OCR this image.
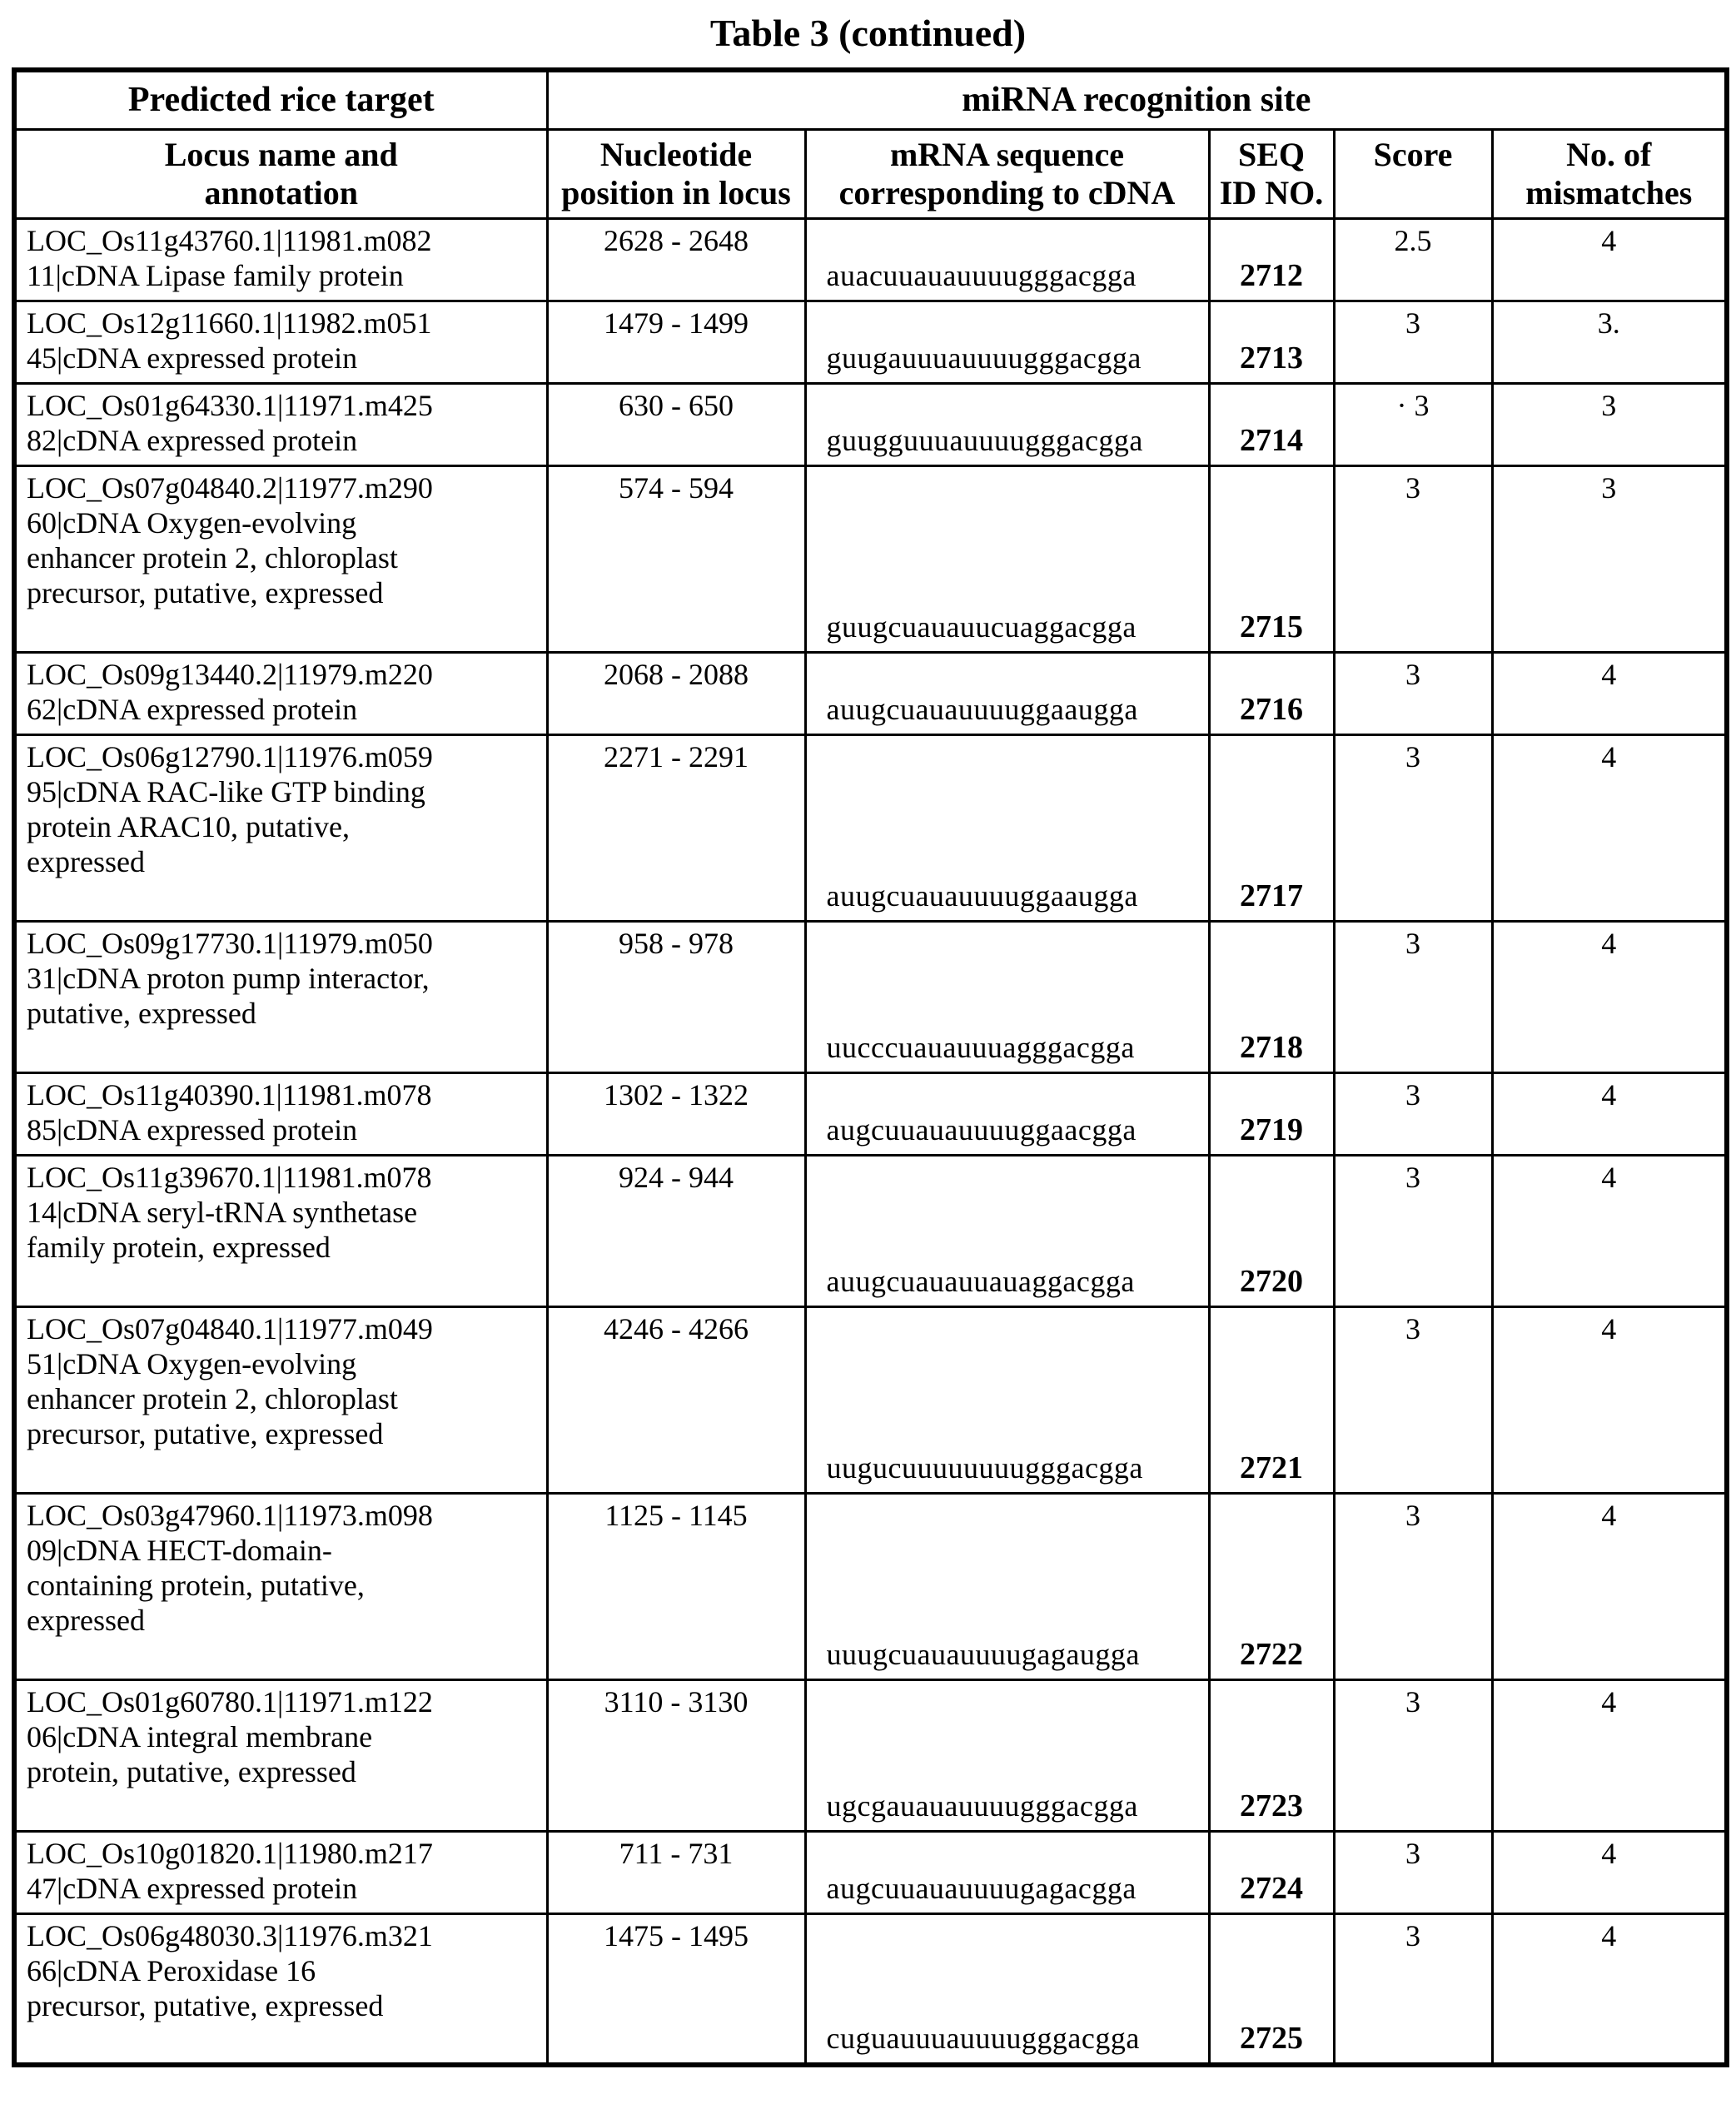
Table 3 (continued)
Predicted rice target	miRNA recognition site				
Locus name and annotation	Nucleotide position in locus	mRNA sequence corresponding to cDNA	SEQ ID NO.	Score	No. of mismatches

LOC_Os11g43760.1|11981.m082
11|cDNA Lipase family protein	2628 - 2648	auacuuauauuuugggacgga	2712	2.5	4

LOC_Os12g11660.1|11982.m051
45|cDNA expressed protein	1479 - 1499	guugauuuauuuugggacgga	2713	3	3.

LOC_Os01g64330.1|11971.m425
82|cDNA expressed protein	630 - 650	guugguuuauuuugggacgga	2714	· 3	3

LOC_Os07g04840.2|11977.m290
60|cDNA Oxygen-evolving
enhancer protein 2, chloroplast
precursor, putative, expressed	574 - 594	guugcuauauucuaggacgga	2715	3	3

LOC_Os09g13440.2|11979.m220
62|cDNA expressed protein	2068 - 2088	auugcuauauuuuggaaugga	2716	3	4

LOC_Os06g12790.1|11976.m059
95|cDNA RAC-like GTP binding
protein ARAC10, putative,
expressed	2271 - 2291	auugcuauauuuuggaaugga	2717	3	4

LOC_Os09g17730.1|11979.m050
31|cDNA proton pump interactor,
putative, expressed	958 - 978	uucccuauauuuagggacgga	2718	3	4

LOC_Os11g40390.1|11981.m078
85|cDNA expressed protein	1302 - 1322	augcuuauauuuuggaacgga	2719	3	4

LOC_Os11g39670.1|11981.m078
14|cDNA seryl-tRNA synthetase
family protein, expressed	924 - 944	auugcuauauuauaggacgga	2720	3	4

LOC_Os07g04840.1|11977.m049
51|cDNA Oxygen-evolving
enhancer protein 2, chloroplast
precursor, putative, expressed	4246 - 4266	uugucuuuuuuuugggacgga	2721	3	4

LOC_Os03g47960.1|11973.m098
09|cDNA HECT-domain-
containing protein, putative,
expressed	1125 - 1145	uuugcuauauuuugagaugga	2722	3	4

LOC_Os01g60780.1|11971.m122
06|cDNA integral membrane
protein, putative, expressed	3110 - 3130	ugcgauauauuuugggacgga	2723	3	4

LOC_Os10g01820.1|11980.m217
47|cDNA expressed protein	711 - 731	augcuuauauuuugagacgga	2724	3	4

LOC_Os06g48030.3|11976.m321
66|cDNA Peroxidase 16
precursor, putative, expressed	1475 - 1495	cuguauuuauuuugggacgga	2725	3	4
